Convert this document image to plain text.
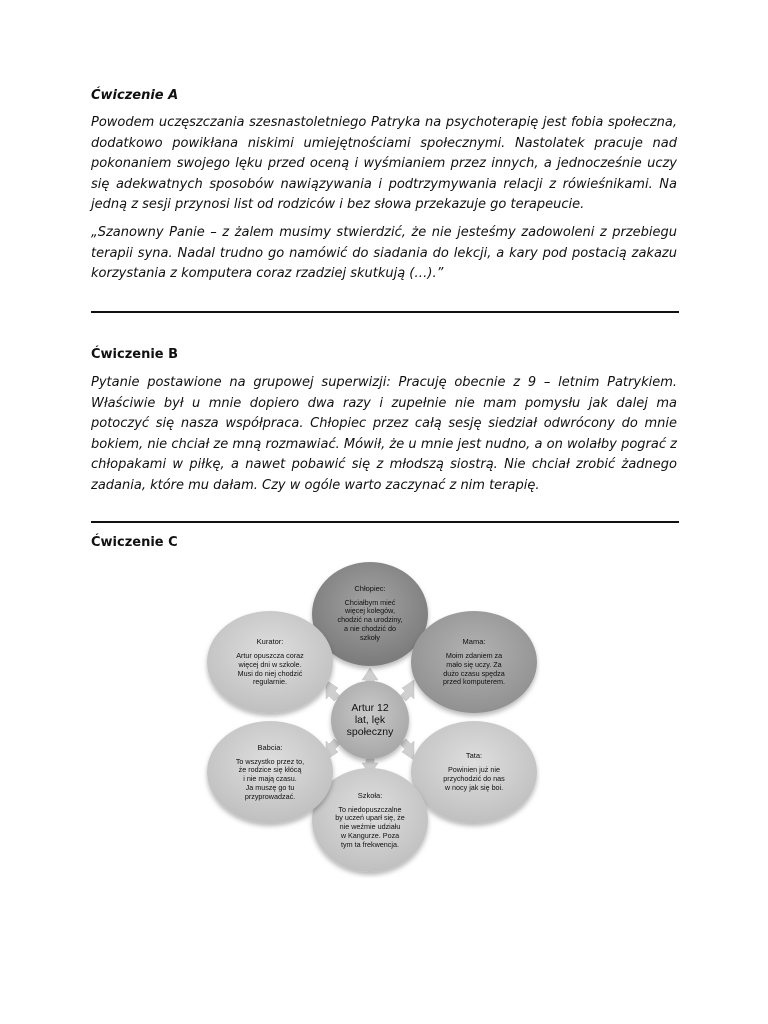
Ćwiczenie A

Powodem uczęszczania szesnastoletniego Patryka na psychoterapię jest fobia społeczna, dodatkowo powikłana niskimi umiejętnościami społecznymi. Nastolatek pracuje nad pokonaniem swojego lęku przed oceną i wyśmianiem przez innych, a jednocześnie uczy się adekwatnych sposobów nawiązywania i podtrzymywania relacji z rówieśnikami. Na jedną z sesji przynosi list od rodziców i bez słowa przekazuje go terapeucie.

„Szanowny Panie – z żalem musimy stwierdzić, że nie jesteśmy zadowoleni z przebiegu terapii syna. Nadal trudno go namówić do siadania do lekcji, a kary pod postacią zakazu korzystania z komputera coraz rzadziej skutkują (…).”

Ćwiczenie B

Pytanie postawione na grupowej superwizji: Pracuję obecnie z 9 – letnim Patrykiem. Właściwie był u mnie dopiero dwa razy i zupełnie nie mam pomysłu jak dalej ma potoczyć się nasza współpraca. Chłopiec przez całą sesję siedział odwrócony do mnie bokiem, nie chciał ze mną rozmawiać. Mówił, że u mnie jest nudno, a on wolałby pograć z chłopakami w piłkę, a nawet pobawić się z młodszą siostrą. Nie chciał zrobić żadnego zadania, które mu dałam. Czy w ogóle warto zaczynać z nim terapię.

Ćwiczenie C
Artur 12
lat, lęk
społeczny
Chłopiec:
Chciałbym mieć
więcej kolegów,
chodzić na urodziny,
a nie chodzić do
szkoły	Mama:
Moim zdaniem za
mało się uczy. Za
dużo czasu spędza
przed komputerem.
Tata:
Powinien już nie
przychodzić do nas
w nocy jak się boi.
Szkoła:
To niedopuszczalne
by uczeń uparł się, że
nie weźmie udziału
w Kangurze. Poza
tym ta frekwencja.
Babcia:
To wszystko przez to,
że rodzice się kłócą
i nie mają czasu.
Ja muszę go tu
przyprowadzać.
Kurator:
Artur opuszcza coraz
więcej dni w szkole.
Musi do niej chodzić
regularnie.
